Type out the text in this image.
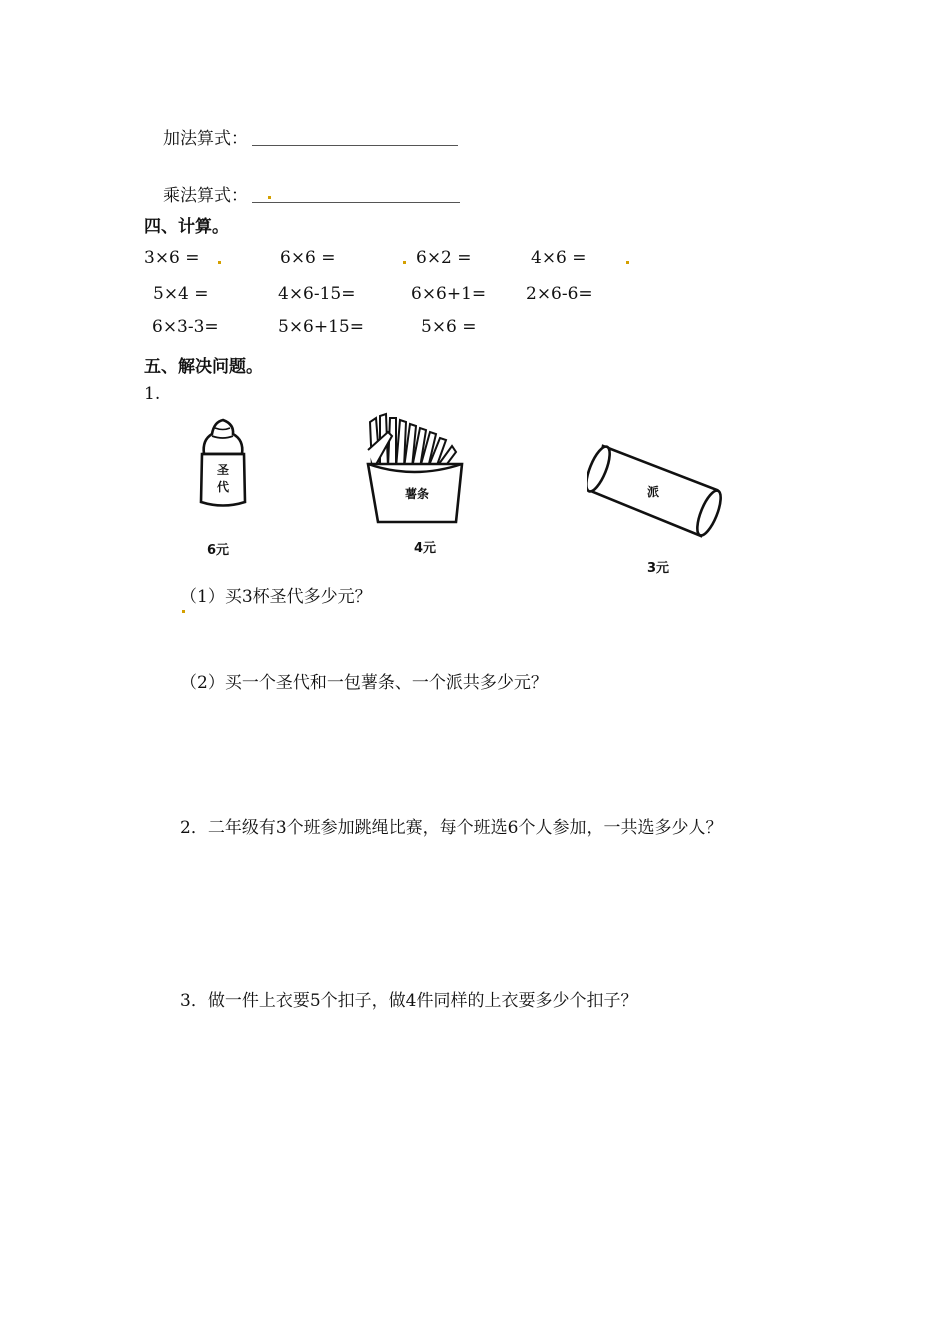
加法算式：
乘法算式：
四、计算。
3×6 =	6×6 =	6×2 =	4×6 =
5×4 =	4×6-15=	6×6+1= 2×6-6=
6×3-3=	5×6+15=	5×6 =
五、解决问题。
1.
圣
代
6元
薯条
4元
派
3元
（1）买3杯圣代多少元？
（2）买一个圣代和一包薯条、一个派共多少元？
2．二年级有3个班参加跳绳比赛，每个班选6个人参加，一共选多少人？
3．做一件上衣要5个扣子，做4件同样的上衣要多少个扣子？
